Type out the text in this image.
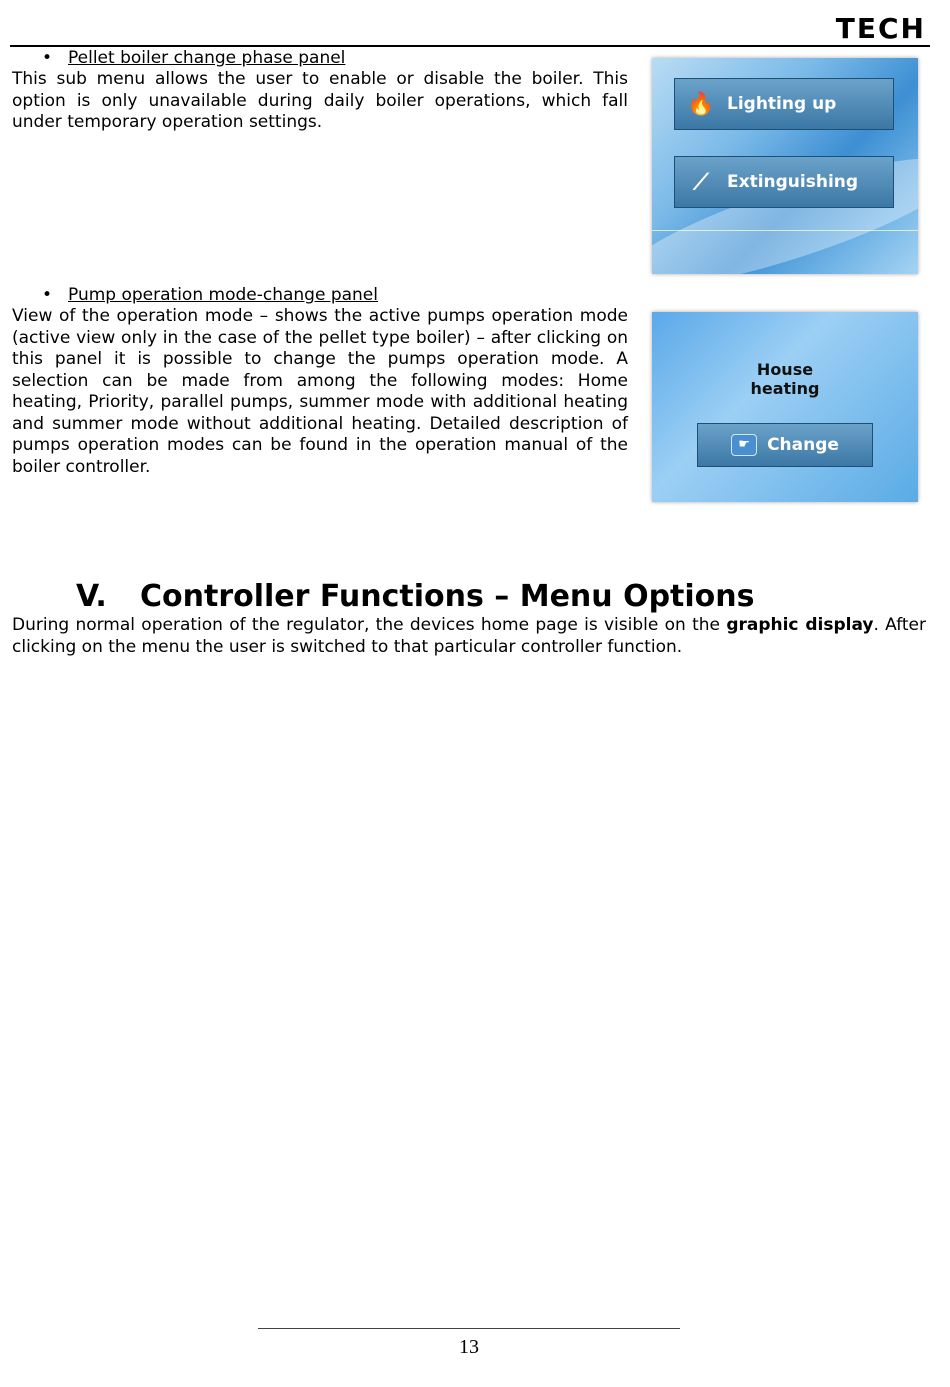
TECH
• Pellet boiler change phase panel
This sub menu allows the user to enable or disable the boiler. This option is only unavailable during daily boiler operations, which fall under temporary operation settings.
🔥 Lighting up
⟋	Extinguishing
• Pump operation mode-change panel
View of the operation mode – shows the active pumps operation mode (active view only in the case of the pellet type boiler) – after clicking on this panel it is possible to change the pumps operation mode. A selection can be made from among the following modes: Home heating, Priority, parallel pumps, summer mode with additional heating and summer mode without additional heating. Detailed description of pumps operation modes can be found in the operation manual of the boiler controller.
House
heating
☛	Change
V. Controller Functions – Menu Options
During normal operation of the regulator, the devices home page is visible on the graphic display. After clicking on the menu the user is switched to that particular controller function.
13
